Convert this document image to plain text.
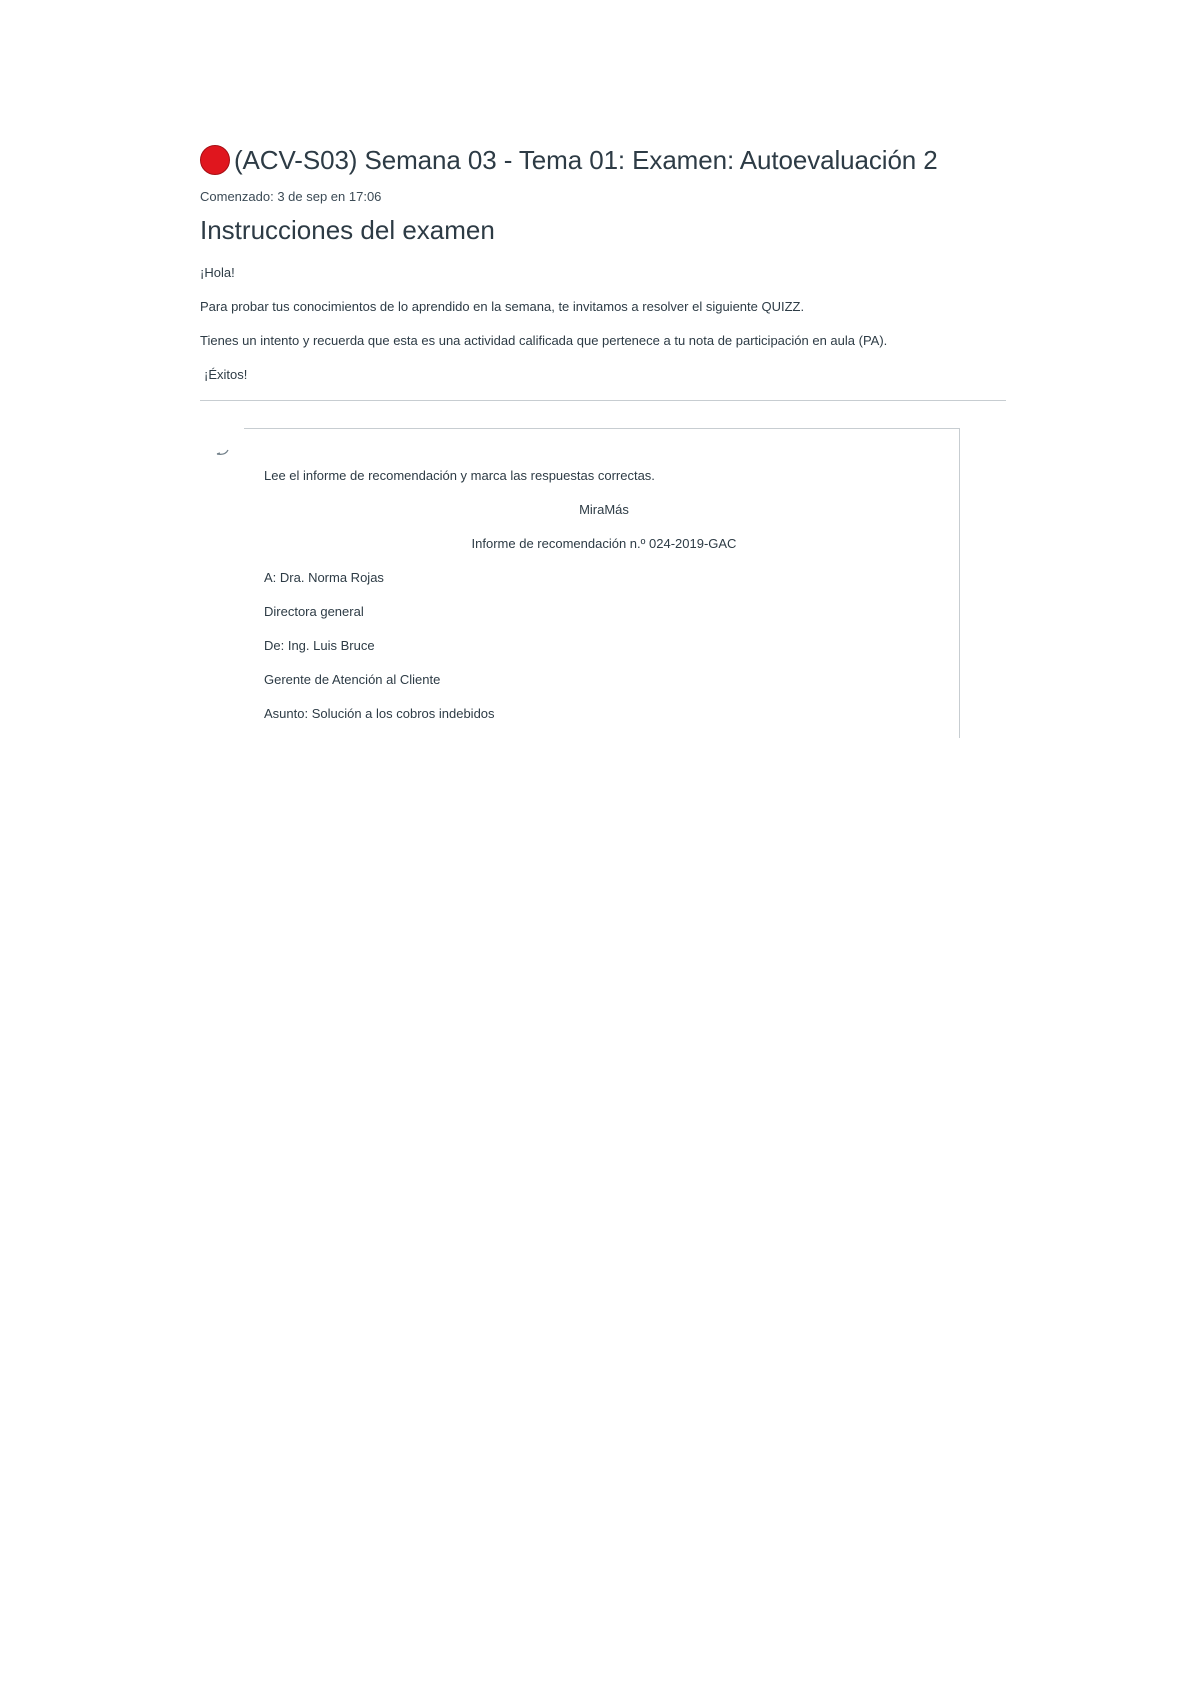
(ACV-S03) Semana 03 - Tema 01: Examen: Autoevaluación 2
Comenzado: 3 de sep en 17:06
Instrucciones del examen

¡Hola!

Para probar tus conocimientos de lo aprendido en la semana, te invitamos a resolver el siguiente QUIZZ.

Tienes un intento y recuerda que esta es una actividad calificada que pertenece a tu nota de participación en aula (PA).

¡Éxitos!

Lee el informe de recomendación y marca las respuestas correctas.

MiraMás

Informe de recomendación n.º 024-2019-GAC

A: Dra. Norma Rojas

Directora general

De: Ing. Luis Bruce

Gerente de Atención al Cliente

Asunto: Solución a los cobros indebidos
